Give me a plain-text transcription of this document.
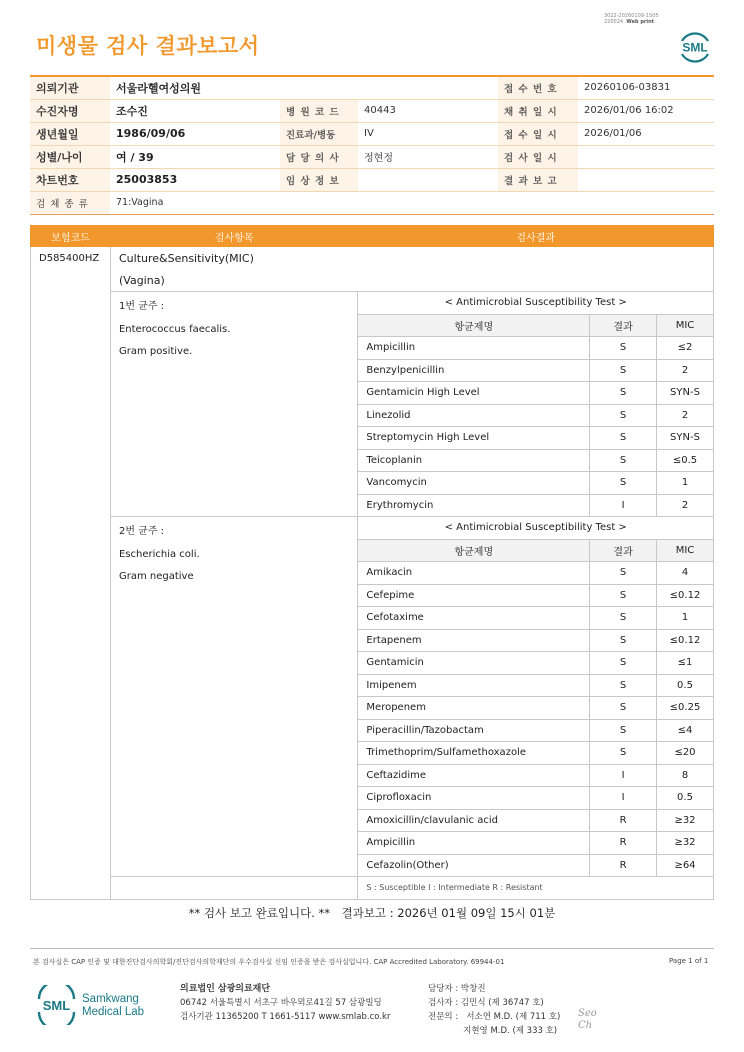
미생물 검사 결과보고서
3022-20260109-1505
220024 Web print
SML
의뢰기관	서울라헬여성의원			접 수 번 호	20260106-03831
수진자명	조수진	병 원 코 드	40443	채 취 일 시	2026/01/06 16:02
생년월일	1986/09/06	진료과/병동	IV	접 수 일 시	2026/01/06
성별/나이	여 / 39	담 당 의 사	정현정	검 사 일 시	
차트번호	25003853	임 상 정 보		결 과 보 고	
검 체 종 류	71:Vagina				
보험코드	검사항목	검사결과		
D585400HZ	Culture&Sensitivity(MIC)			
	(Vagina)			

	1번 균주 :
Enterococcus faecalis.
Gram positive.	< Antimicrobial Susceptibility Test >		
		항균제명	결과	MIC
		Ampicillin	S	≤2
		Benzylpenicillin	S	2
		Gentamicin High Level	S	SYN-S
		Linezolid	S	2
		Streptomycin High Level	S	SYN-S
		Teicoplanin	S	≤0.5
		Vancomycin	S	1
		Erythromycin	I	2

	2번 균주 :
Escherichia coli.
Gram negative	< Antimicrobial Susceptibility Test >		
		항균제명	결과	MIC
		Amikacin	S	4
		Cefepime	S	≤0.12
		Cefotaxime	S	1
		Ertapenem	S	≤0.12
		Gentamicin	S	≤1
		Imipenem	S	0.5
		Meropenem	S	≤0.25
		Piperacillin/Tazobactam	S	≤4
		Trimethoprim/Sulfamethoxazole	S	≤20
		Ceftazidime	I	8
		Ciprofloxacin	I	0.5
		Amoxicillin/clavulanic acid	R	≥32
		Ampicillin	R	≥32
		Cefazolin(Other)	R	≥64
		S : Susceptible I : Intermediate R : Resistant		
** 검사 보고 완료입니다. ** 결과보고 : 2026년 01월 09일 15시 01분
본 검사실은 CAP 인증 및 대한진단검사의학회/진단검사의학재단의 우수검사실 신임 인증을 받은 검사실입니다. CAP Accredited Laboratory. 69944-01	Page 1 of 1
SML Samkwang
Medical Lab
의료법인 삼광의료재단
06742 서울특별시 서초구 바우뫼로41길 57 삼광빌딩
검사기관 11365200 T 1661-5117 www.smlab.co.kr
담당자 : 박창진
검사자 : 김민식 (제 36747 호)
전문의 :   서소연 M.D. (제 711 호)
지현영 M.D. (제 333 호)
Seo
Ch
